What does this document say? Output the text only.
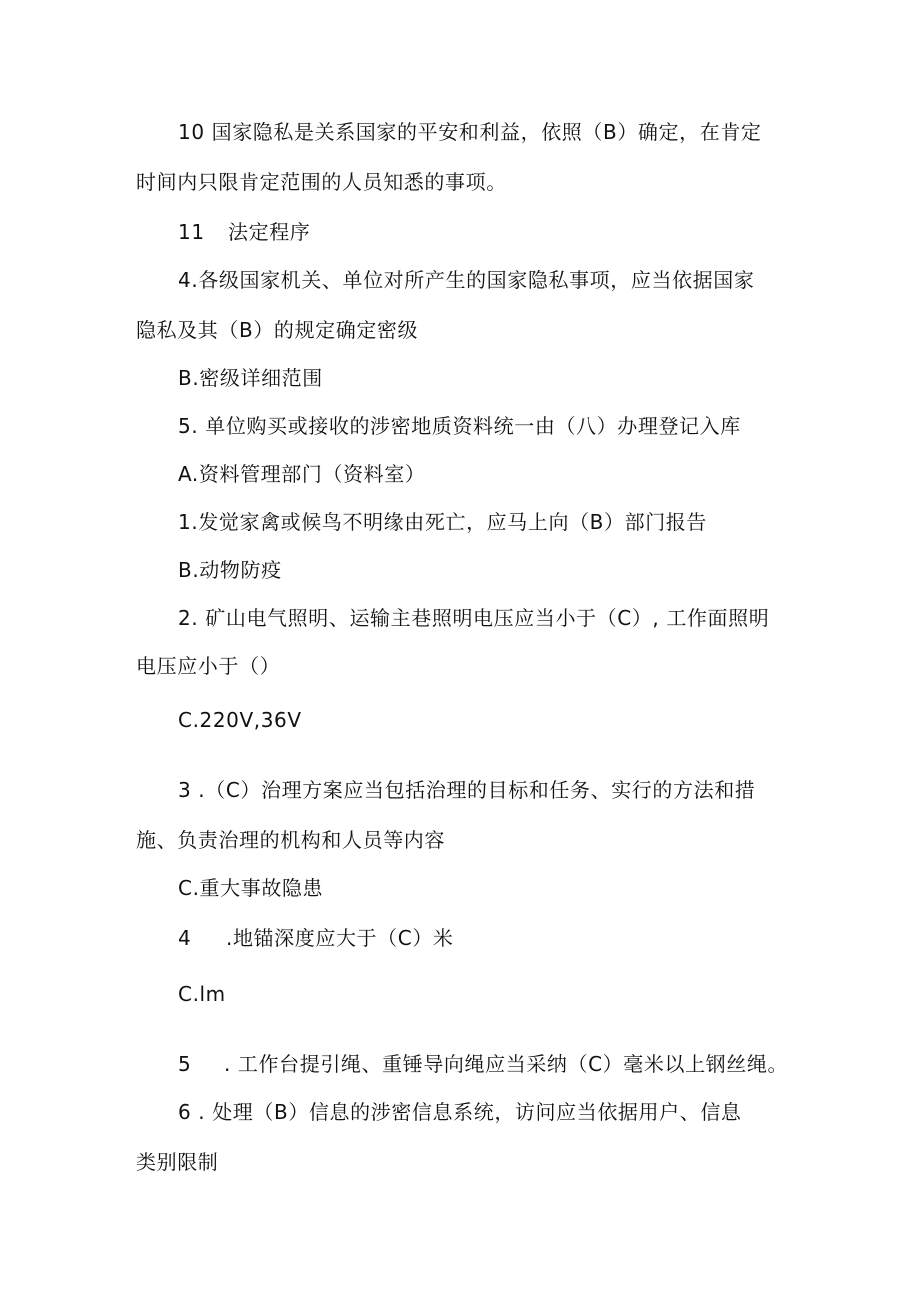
10 国家隐私是关系国家的平安和利益，依照（B）确定，在肯定
时间内只限肯定范围的人员知悉的事项。
11 法定程序
4.各级国家机关、单位对所产生的国家隐私事项，应当依据国家
隐私及其（B）的规定确定密级
B.密级详细范围
5. 单位购买或接收的涉密地质资料统一由（八）办理登记入库
A.资料管理部门（资料室）
1.发觉家禽或候鸟不明缘由死亡，应马上向（B）部门报告
B.动物防疫
2. 矿山电气照明、运输主巷照明电压应当小于（C）, 工作面照明
电压应小于（）
C.220V,36V
3 .（C）治理方案应当包括治理的目标和任务、实行的方法和措
施、负责治理的机构和人员等内容
C.重大事故隐患
4 .地锚深度应大于（C）米
C.lm
5 . 工作台提引绳、重锤导向绳应当采纳（C）毫米以上钢丝绳。
6 . 处理（B）信息的涉密信息系统，访问应当依据用户、信息
类别限制
